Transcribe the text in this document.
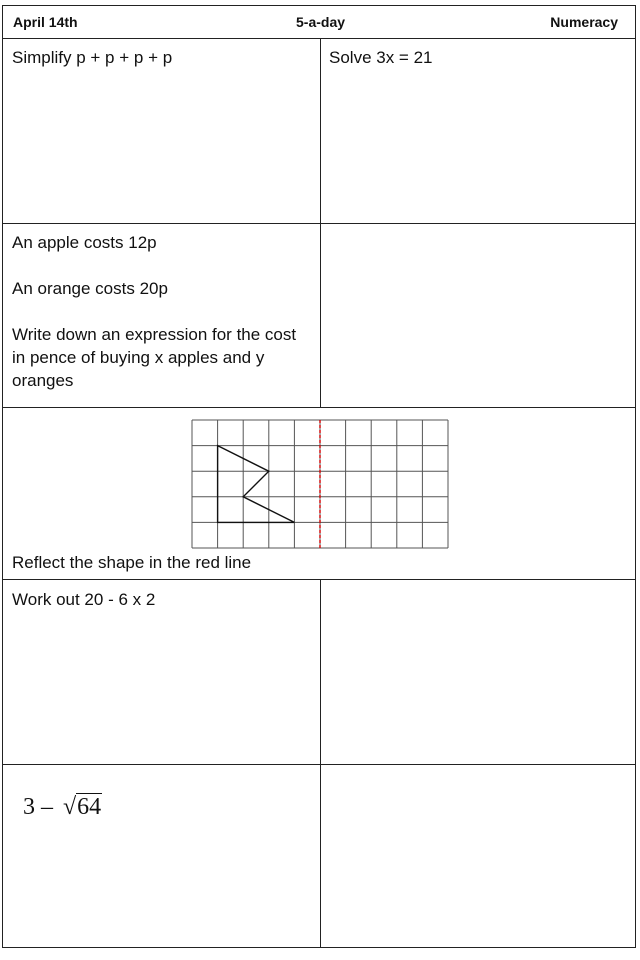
April 14th	5-a-day	Numeracy

Simplify p + p + p + p	Solve 3x = 21

An apple costs 12p

An orange costs 20p

Write down an expression for the cost in pence of buying x apples and y oranges

Reflect the shape in the red line

Work out 20 - 6 x 2

3 – √64
